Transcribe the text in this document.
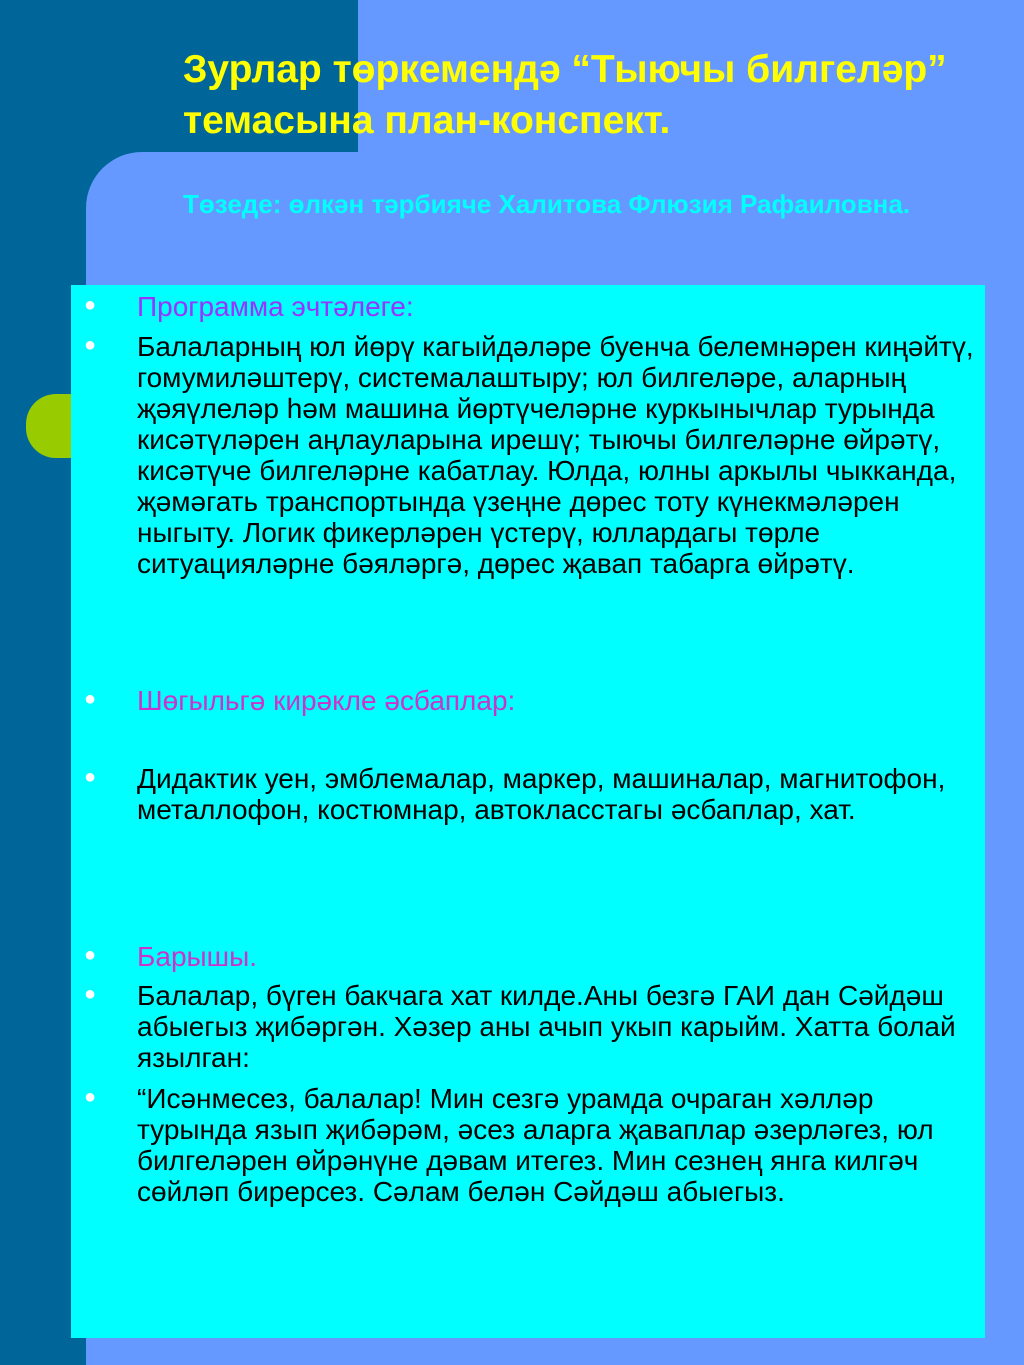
Зурлар төркемендә “Тыючы билгеләр” темасына план-конспект.

Төзеде: өлкән тәрбияче Халитова Флюзия Рафаиловна.

● Программа эчтәлеге:
● Балаларның юл йөрү кагыйдәләре буенча белемнәрен киңәйтү, гомумиләштерү, системалаштыру; юл билгеләре, аларның җәяүлеләр һәм машина йөртүчеләрне куркынычлар турында кисәтүләрен аңлауларына ирешү; тыючы билгеләрне өйрәтү, кисәтүче билгеләрне кабатлау. Юлда, юлны аркылы чыкканда, җәмәгать транспортында үзеңне дөрес тоту күнекмәләрен ныгыту. Логик фикерләрен үстерү, юллардагы төрле ситуацияләрне бәяләргә, дөрес җавап табарга өйрәтү.
● Шөгыльгә кирәкле әсбаплар:
● Дидактик уен, эмблемалар, маркер, машиналар, магнитофон, металлофон, костюмнар, автокласстагы әсбаплар, хат.
● Барышы.
● Балалар, бүген бакчага хат килде.Аны безгә ГАИ дан Сәйдәш абыегыз җибәргән. Хәзер аны ачып укып карыйм. Хатта болай язылган:
● “Исәнмесез, балалар! Мин сезгә урамда очраган хәлләр турында язып җибәрәм, әсез аларга җаваплар әзерләгез, юл билгеләрен өйрәнүне дәвам итегез. Мин сезнең янга килгәч сөйләп бирерсез. Сәлам белән Сәйдәш абыегыз.
